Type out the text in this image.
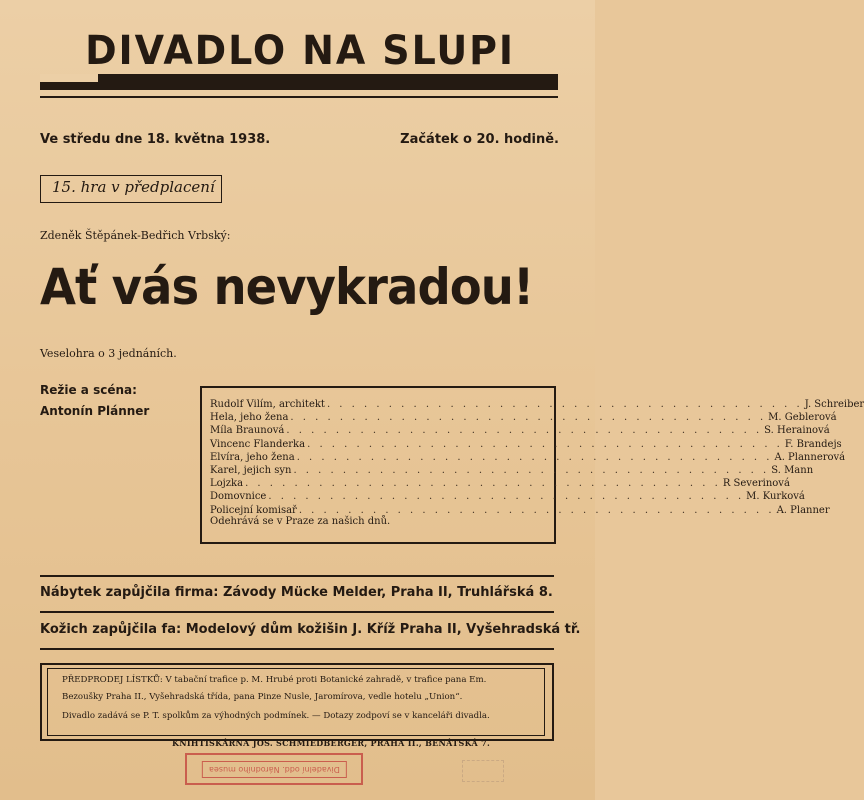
DIVADLO NA SLUPI
Ve středu dne 18. května 1938.	Začátek o 20. hodině.
15. hra v předplacení
Zdeněk Štěpánek-Bedřich Vrbský:
Ať vás nevykradou!
Veselohra o 3 jednáních.
Režie a scéna:
Antonín Plánner	Rudolf Vilím, architekt . . . . . . . . . . . . . . . . . . . . . . . . . . . . . . . . . . . . . . . J. Schreiber
Hela, jeho žena . . . . . . . . . . . . . . . . . . . . . . . . . . . . . . . . . . . . . . . M. Geblerová
Míla Braunová . . . . . . . . . . . . . . . . . . . . . . . . . . . . . . . . . . . . . . . S. Herainová
Vincenc Flanderka . . . . . . . . . . . . . . . . . . . . . . . . . . . . . . . . . . . . . . . F. Brandejs
Elvíra, jeho žena . . . . . . . . . . . . . . . . . . . . . . . . . . . . . . . . . . . . . . . A. Plannerová
Karel, jejich syn . . . . . . . . . . . . . . . . . . . . . . . . . . . . . . . . . . . . . . . S. Mann
Lojzka . . . . . . . . . . . . . . . . . . . . . . . . . . . . . . . . . . . . . . . R Severinová
Domovnice . . . . . . . . . . . . . . . . . . . . . . . . . . . . . . . . . . . . . . . M. Kurková
Policejní komisař . . . . . . . . . . . . . . . . . . . . . . . . . . . . . . . . . . . . . . . A. Planner
Odehrává se v Praze za našich dnů.
Nábytek zapůjčila firma: Závody Mücke Melder, Praha II, Truhlářská 8.
Kožich zapůjčila fa: Modelový dům kožišin J. Kříž Praha II, Vyšehradská tř.
PŘEDPRODEJ LÍSTKŮ: V tabační trafice p. M. Hrubé proti Botanické zahradě, v trafice pana Em.
Bezoušky Praha II., Vyšehradská třída, pana Pinze Nusle, Jaromírova, vedle hotelu „Union“.
Divadlo zadává se P. T. spolkům za výhodných podmínek. — Dotazy zodpoví se v kanceláři divadla.
KNIHTISKÁRNA JOS. SCHMIEDBERGER, PRAHA II., BENÁTSKÁ 7.
Divadelní odd. Národního musea
